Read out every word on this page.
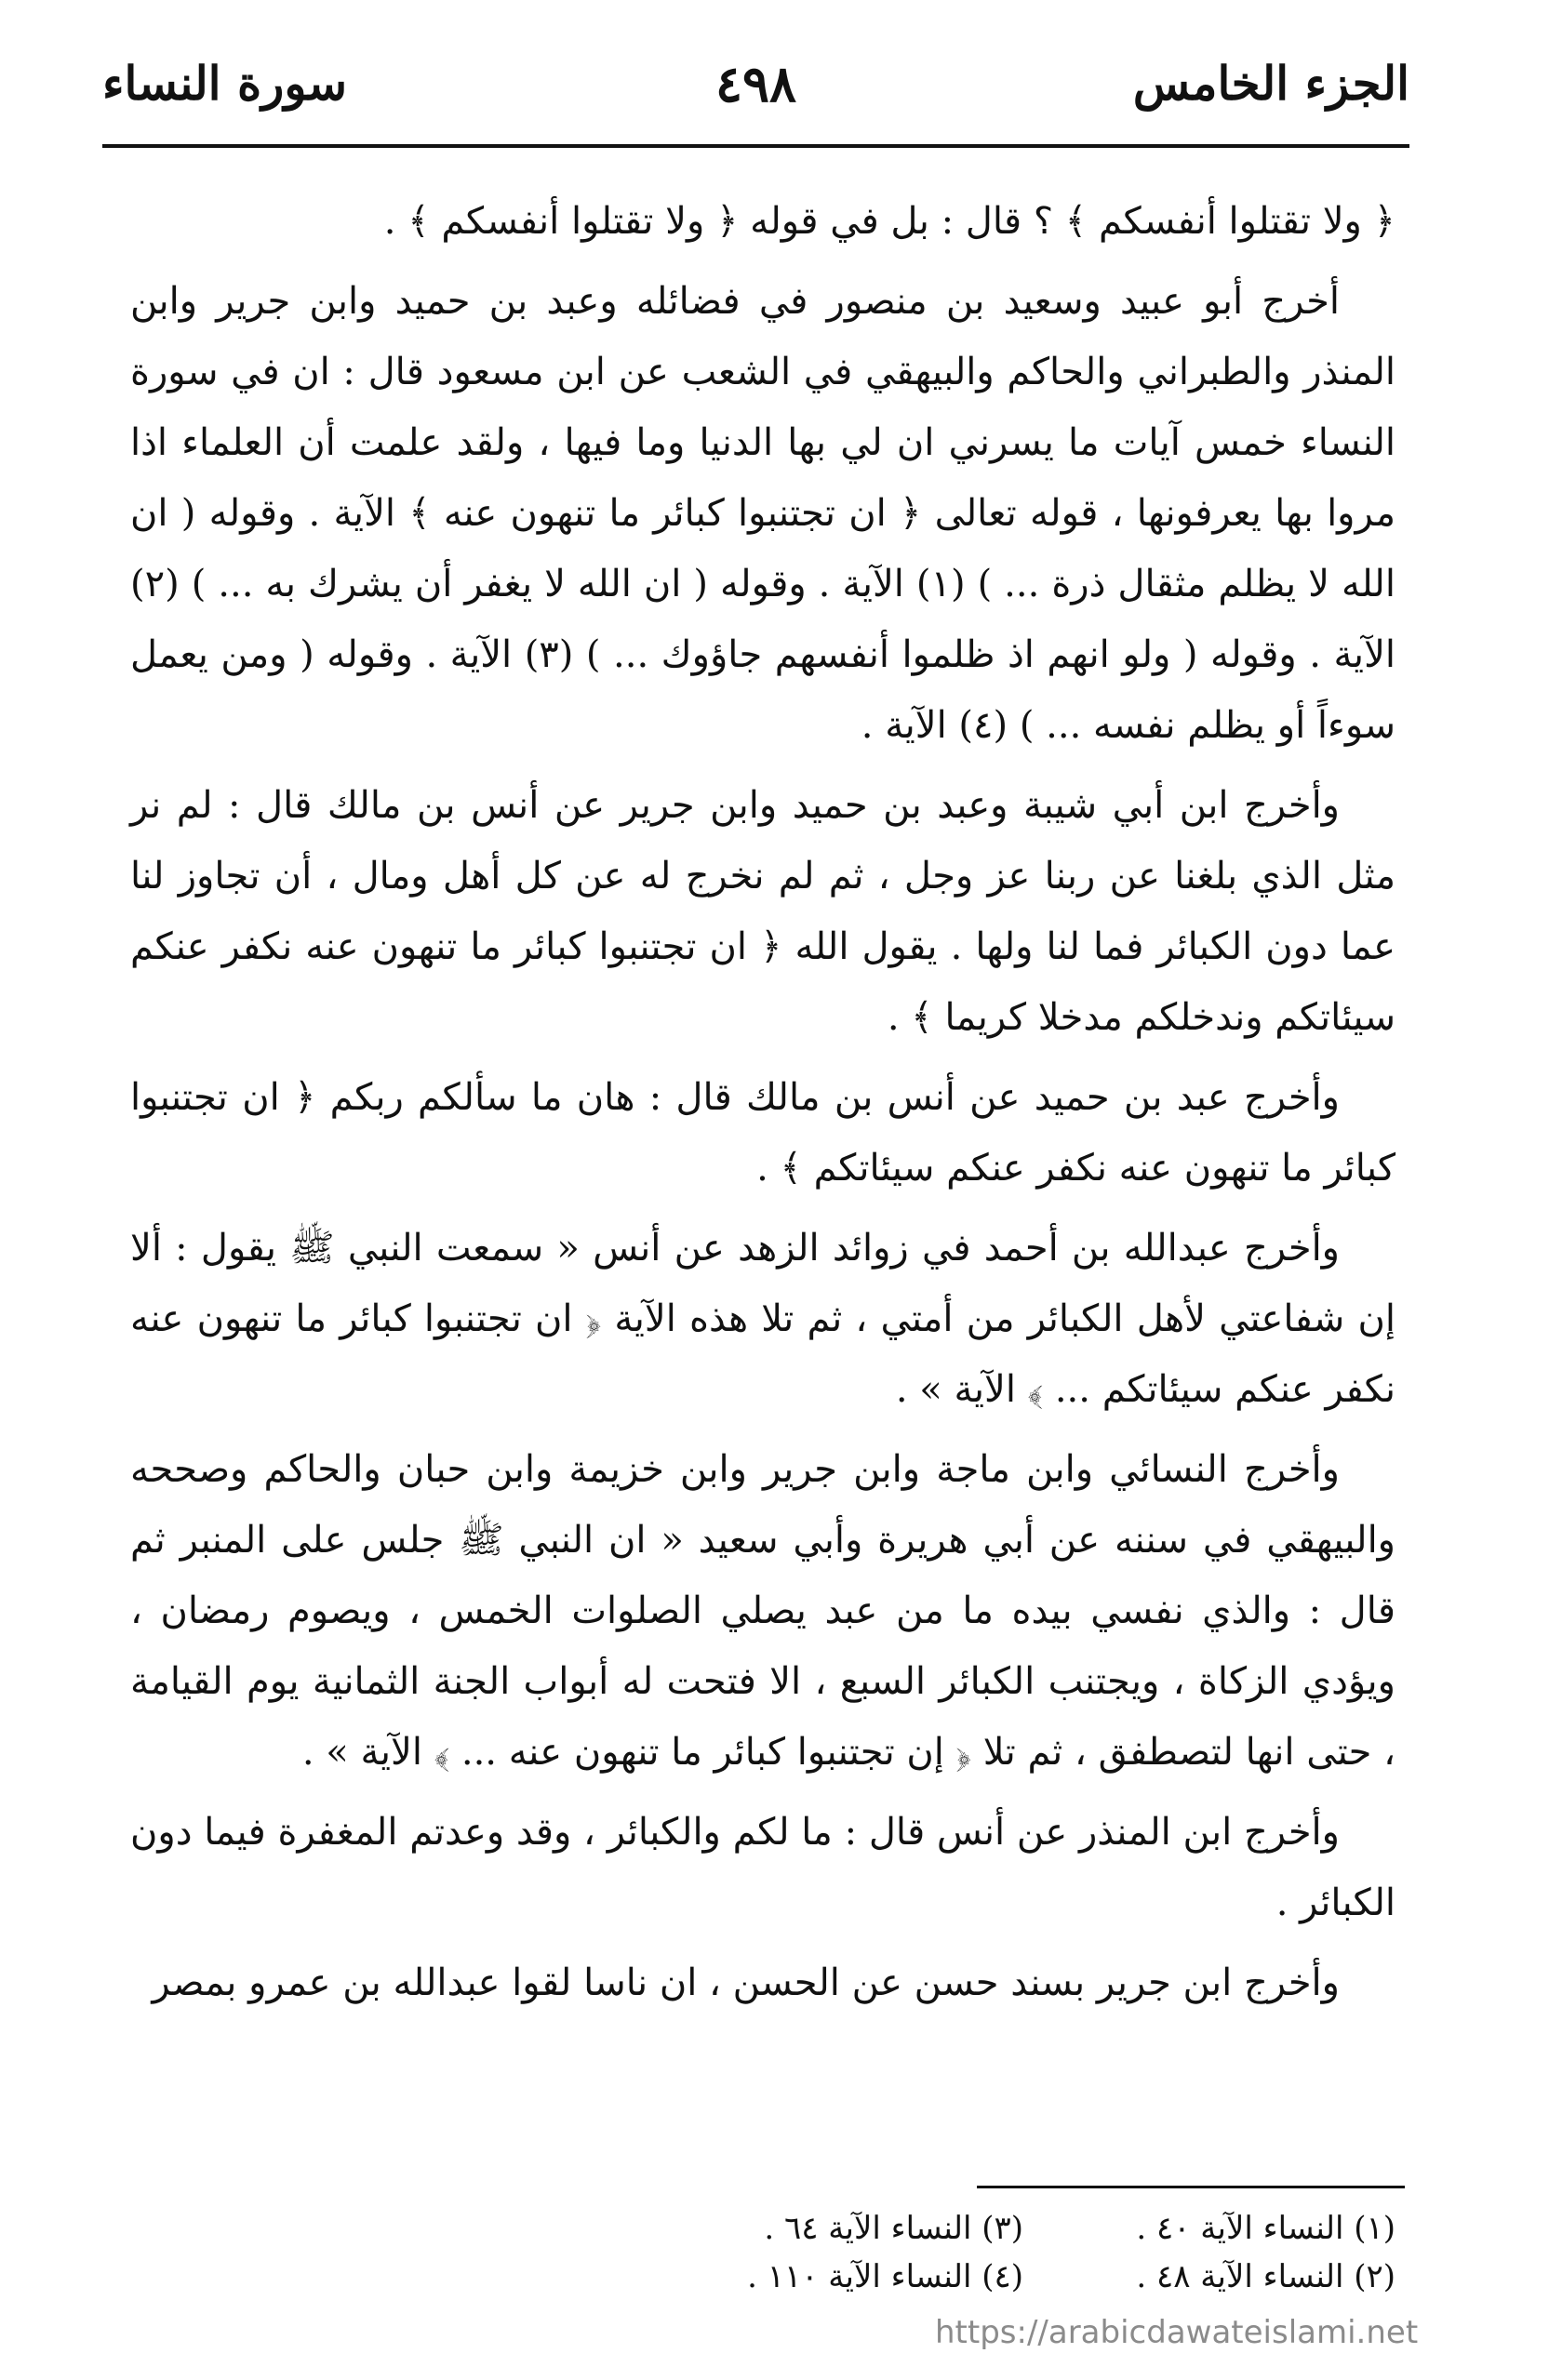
الجزء الخامس
٤٩٨
سورة النساء

﴿ ولا تقتلوا أنفسكم ﴾ ؟ قال : بل في قوله ﴿ ولا تقتلوا أنفسكم ﴾ .

أخرج أبو عبيد وسعيد بن منصور في فضائله وعبد بن حميد وابن جرير وابن المنذر والطبراني والحاكم والبيهقي في الشعب عن ابن مسعود قال : ان في سورة النساء خمس آيات ما يسرني ان لي بها الدنيا وما فيها ، ولقد علمت أن العلماء اذا مروا بها يعرفونها ، قوله تعالى ﴿ ان تجتنبوا كبائر ما تنهون عنه ﴾ الآية . وقوله ( ان الله لا يظلم مثقال ذرة ... ) (١) الآية . وقوله ( ان الله لا يغفر أن يشرك به ... ) (٢) الآية . وقوله ( ولو انهم اذ ظلموا أنفسهم جاؤوك ... ) (٣) الآية . وقوله ( ومن يعمل سوءاً أو يظلم نفسه ... ) (٤) الآية .

وأخرج ابن أبي شيبة وعبد بن حميد وابن جرير عن أنس بن مالك قال : لم نر مثل الذي بلغنا عن ربنا عز وجل ، ثم لم نخرج له عن كل أهل ومال ، أن تجاوز لنا عما دون الكبائر فما لنا ولها . يقول الله ﴿ ان تجتنبوا كبائر ما تنهون عنه نكفر عنكم سيئاتكم وندخلكم مدخلا كريما ﴾ .

وأخرج عبد بن حميد عن أنس بن مالك قال : هان ما سألكم ربكم ﴿ ان تجتنبوا كبائر ما تنهون عنه نكفر عنكم سيئاتكم ﴾ .

وأخرج عبدالله بن أحمد في زوائد الزهد عن أنس « سمعت النبي ﷺ يقول : ألا إن شفاعتي لأهل الكبائر من أمتي ، ثم تلا هذه الآية ﴿ ان تجتنبوا كبائر ما تنهون عنه نكفر عنكم سيئاتكم ... ﴾ الآية » .

وأخرج النسائي وابن ماجة وابن جرير وابن خزيمة وابن حبان والحاكم وصححه والبيهقي في سننه عن أبي هريرة وأبي سعيد « ان النبي ﷺ جلس على المنبر ثم قال : والذي نفسي بيده ما من عبد يصلي الصلوات الخمس ، ويصوم رمضان ، ويؤدي الزكاة ، ويجتنب الكبائر السبع ، الا فتحت له أبواب الجنة الثمانية يوم القيامة ، حتى انها لتصطفق ، ثم تلا ﴿ إن تجتنبوا كبائر ما تنهون عنه ... ﴾ الآية » .

وأخرج ابن المنذر عن أنس قال : ما لكم والكبائر ، وقد وعدتم المغفرة فيما دون الكبائر .

وأخرج ابن جرير بسند حسن عن الحسن ، ان ناسا لقوا عبدالله بن عمرو بمصر

(١) النساء الآية ٤٠ .
(٣) النساء الآية ٦٤ .
(٢) النساء الآية ٤٨ .
(٤) النساء الآية ١١٠ .
https://arabicdawateislami.net
